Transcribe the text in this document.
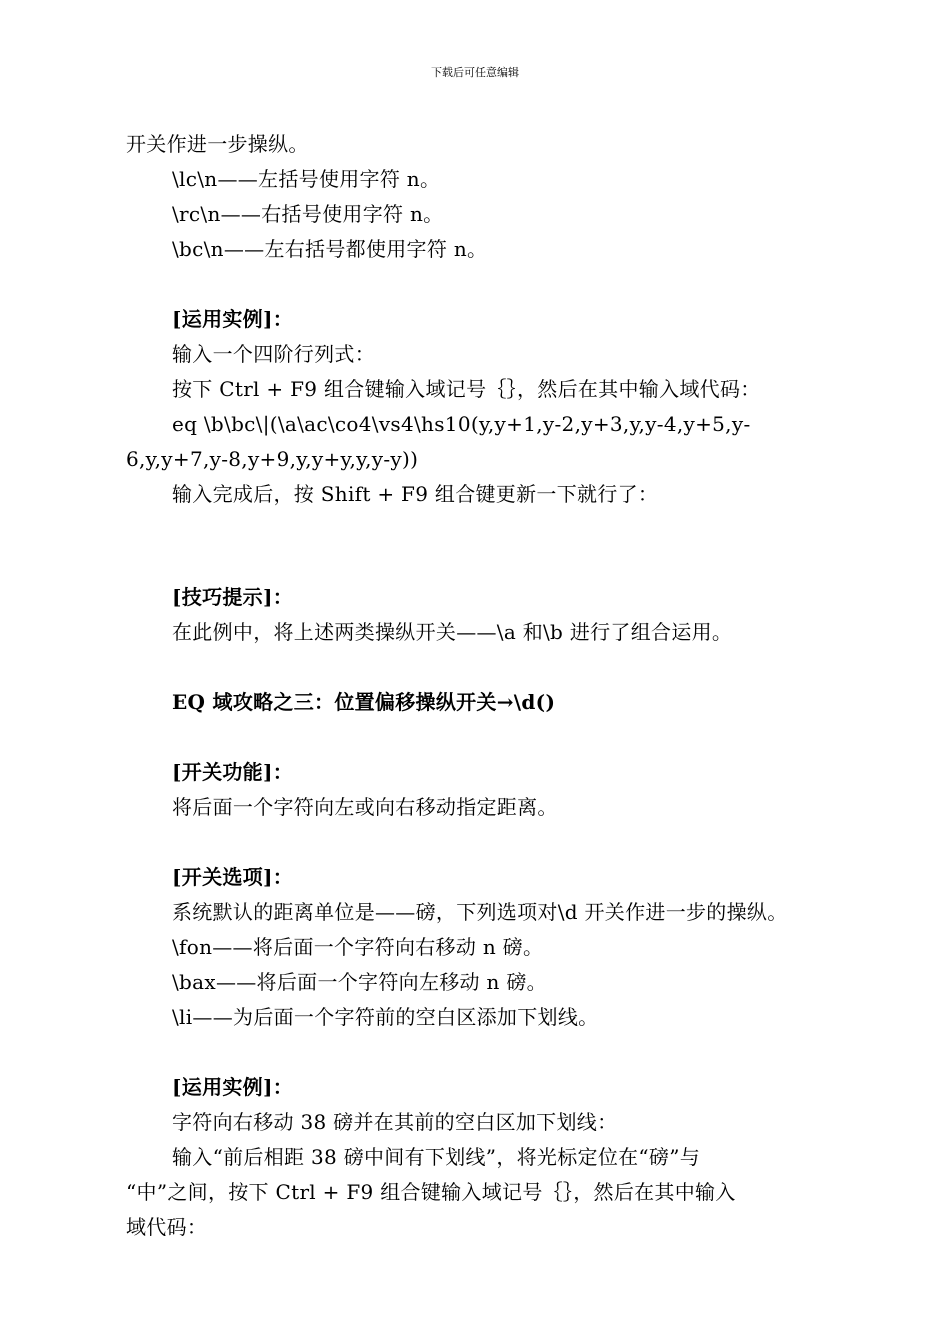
下载后可任意编辑
开关作进一步操纵。
\lc\n——左括号使用字符 n。
\rc\n——右括号使用字符 n。
\bc\n——左右括号都使用字符 n。
[运用实例]：
输入一个四阶行列式：
按下 Ctrl + F9 组合键输入域记号｛｝，然后在其中输入域代码：
eq \b\bc\|(\a\ac\co4\vs4\hs10(y,y+1,y-2,y+3,y,y-4,y+5,y-
6,y,y+7,y-8,y+9,y,y+y,y,y-y))
输入完成后，按 Shift + F9 组合键更新一下就行了：
[技巧提示]：
在此例中，将上述两类操纵开关——\a 和\b 进行了组合运用。
EQ 域攻略之三：位置偏移操纵开关→\d()
[开关功能]：
将后面一个字符向左或向右移动指定距离。
[开关选项]：
系统默认的距离单位是——磅，下列选项对\d 开关作进一步的操纵。
\fon——将后面一个字符向右移动 n 磅。
\bax——将后面一个字符向左移动 n 磅。
\li——为后面一个字符前的空白区添加下划线。
[运用实例]：
字符向右移动 38 磅并在其前的空白区加下划线：
输入“前后相距 38 磅中间有下划线”，将光标定位在“磅”与
“中”之间，按下 Ctrl + F9 组合键输入域记号｛｝，然后在其中输入
域代码：
